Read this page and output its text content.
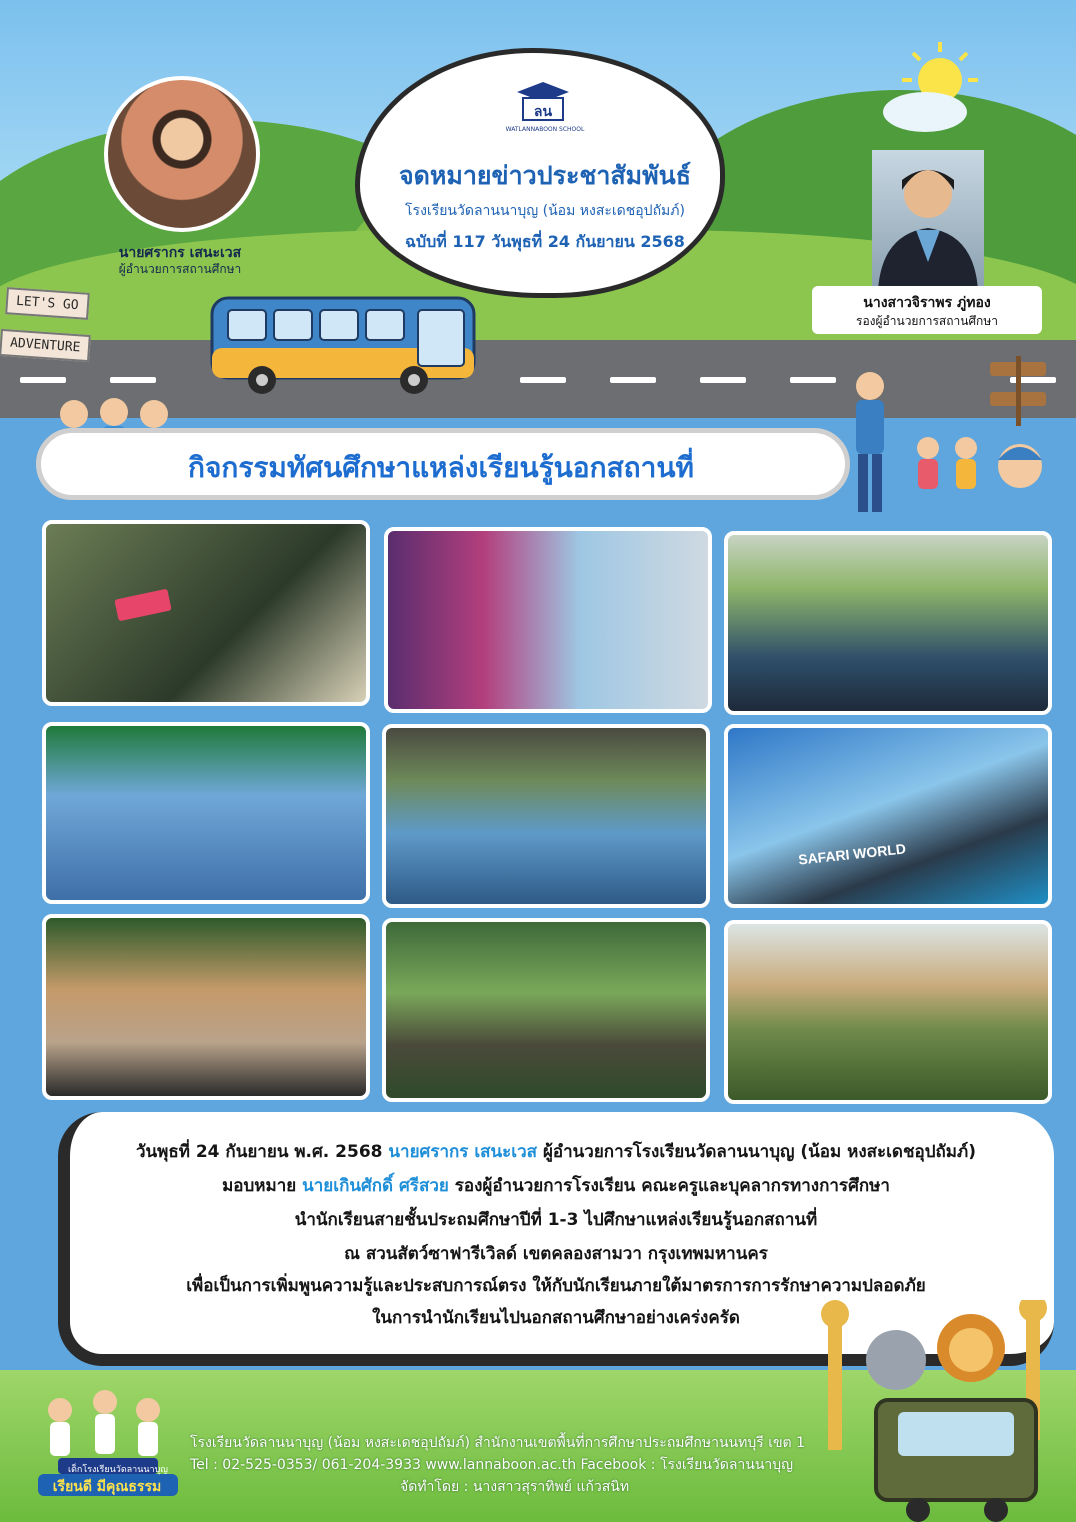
LET'S GO
ADVENTURE
ลน
WATLANNABOON SCHOOL
จดหมายข่าวประชาสัมพันธ์
โรงเรียนวัดลานนาบุญ (น้อม หงสะเดชอุปถัมภ์)
ฉบับที่ 117 วันพุธที่ 24 กันยายน 2568
นายศรากร เสนะเวส
ผู้อำนวยการสถานศึกษา
นางสาวจิราพร ภู่ทอง
รองผู้อำนวยการสถานศึกษา
กิจกรรมทัศนศึกษาแหล่งเรียนรู้นอกสถานที่
SAFARI WORLD
วันพุธที่ 24 กันยายน พ.ศ. 2568 นายศรากร เสนะเวส ผู้อำนวยการโรงเรียนวัดลานนาบุญ (น้อม หงสะเดชอุปถัมภ์)
มอบหมาย นายเกินศักดิ์ ศรีสวย รองผู้อำนวยการโรงเรียน คณะครูและบุคลากรทางการศึกษา
นำนักเรียนสายชั้นประถมศึกษาปีที่ 1-3 ไปศึกษาแหล่งเรียนรู้นอกสถานที่
ณ สวนสัตว์ซาฟารีเวิลด์ เขตคลองสามวา กรุงเทพมหานคร
เพื่อเป็นการเพิ่มพูนความรู้และประสบการณ์ตรง ให้กับนักเรียนภายใต้มาตรการการรักษาความปลอดภัย
ในการนำนักเรียนไปนอกสถานศึกษาอย่างเคร่งครัด
เด็กโรงเรียนวัดลานนาบุญ
เรียนดี มีคุณธรรม
โรงเรียนวัดลานนาบุญ (น้อม หงสะเดชอุปถัมภ์) สำนักงานเขตพื้นที่การศึกษาประถมศึกษานนทบุรี เขต 1
Tel : 02-525-0353/ 061-204-3933 www.lannaboon.ac.th Facebook : โรงเรียนวัดลานนาบุญ
จัดทำโดย : นางสาวสุราทิพย์ แก้วสนิท
